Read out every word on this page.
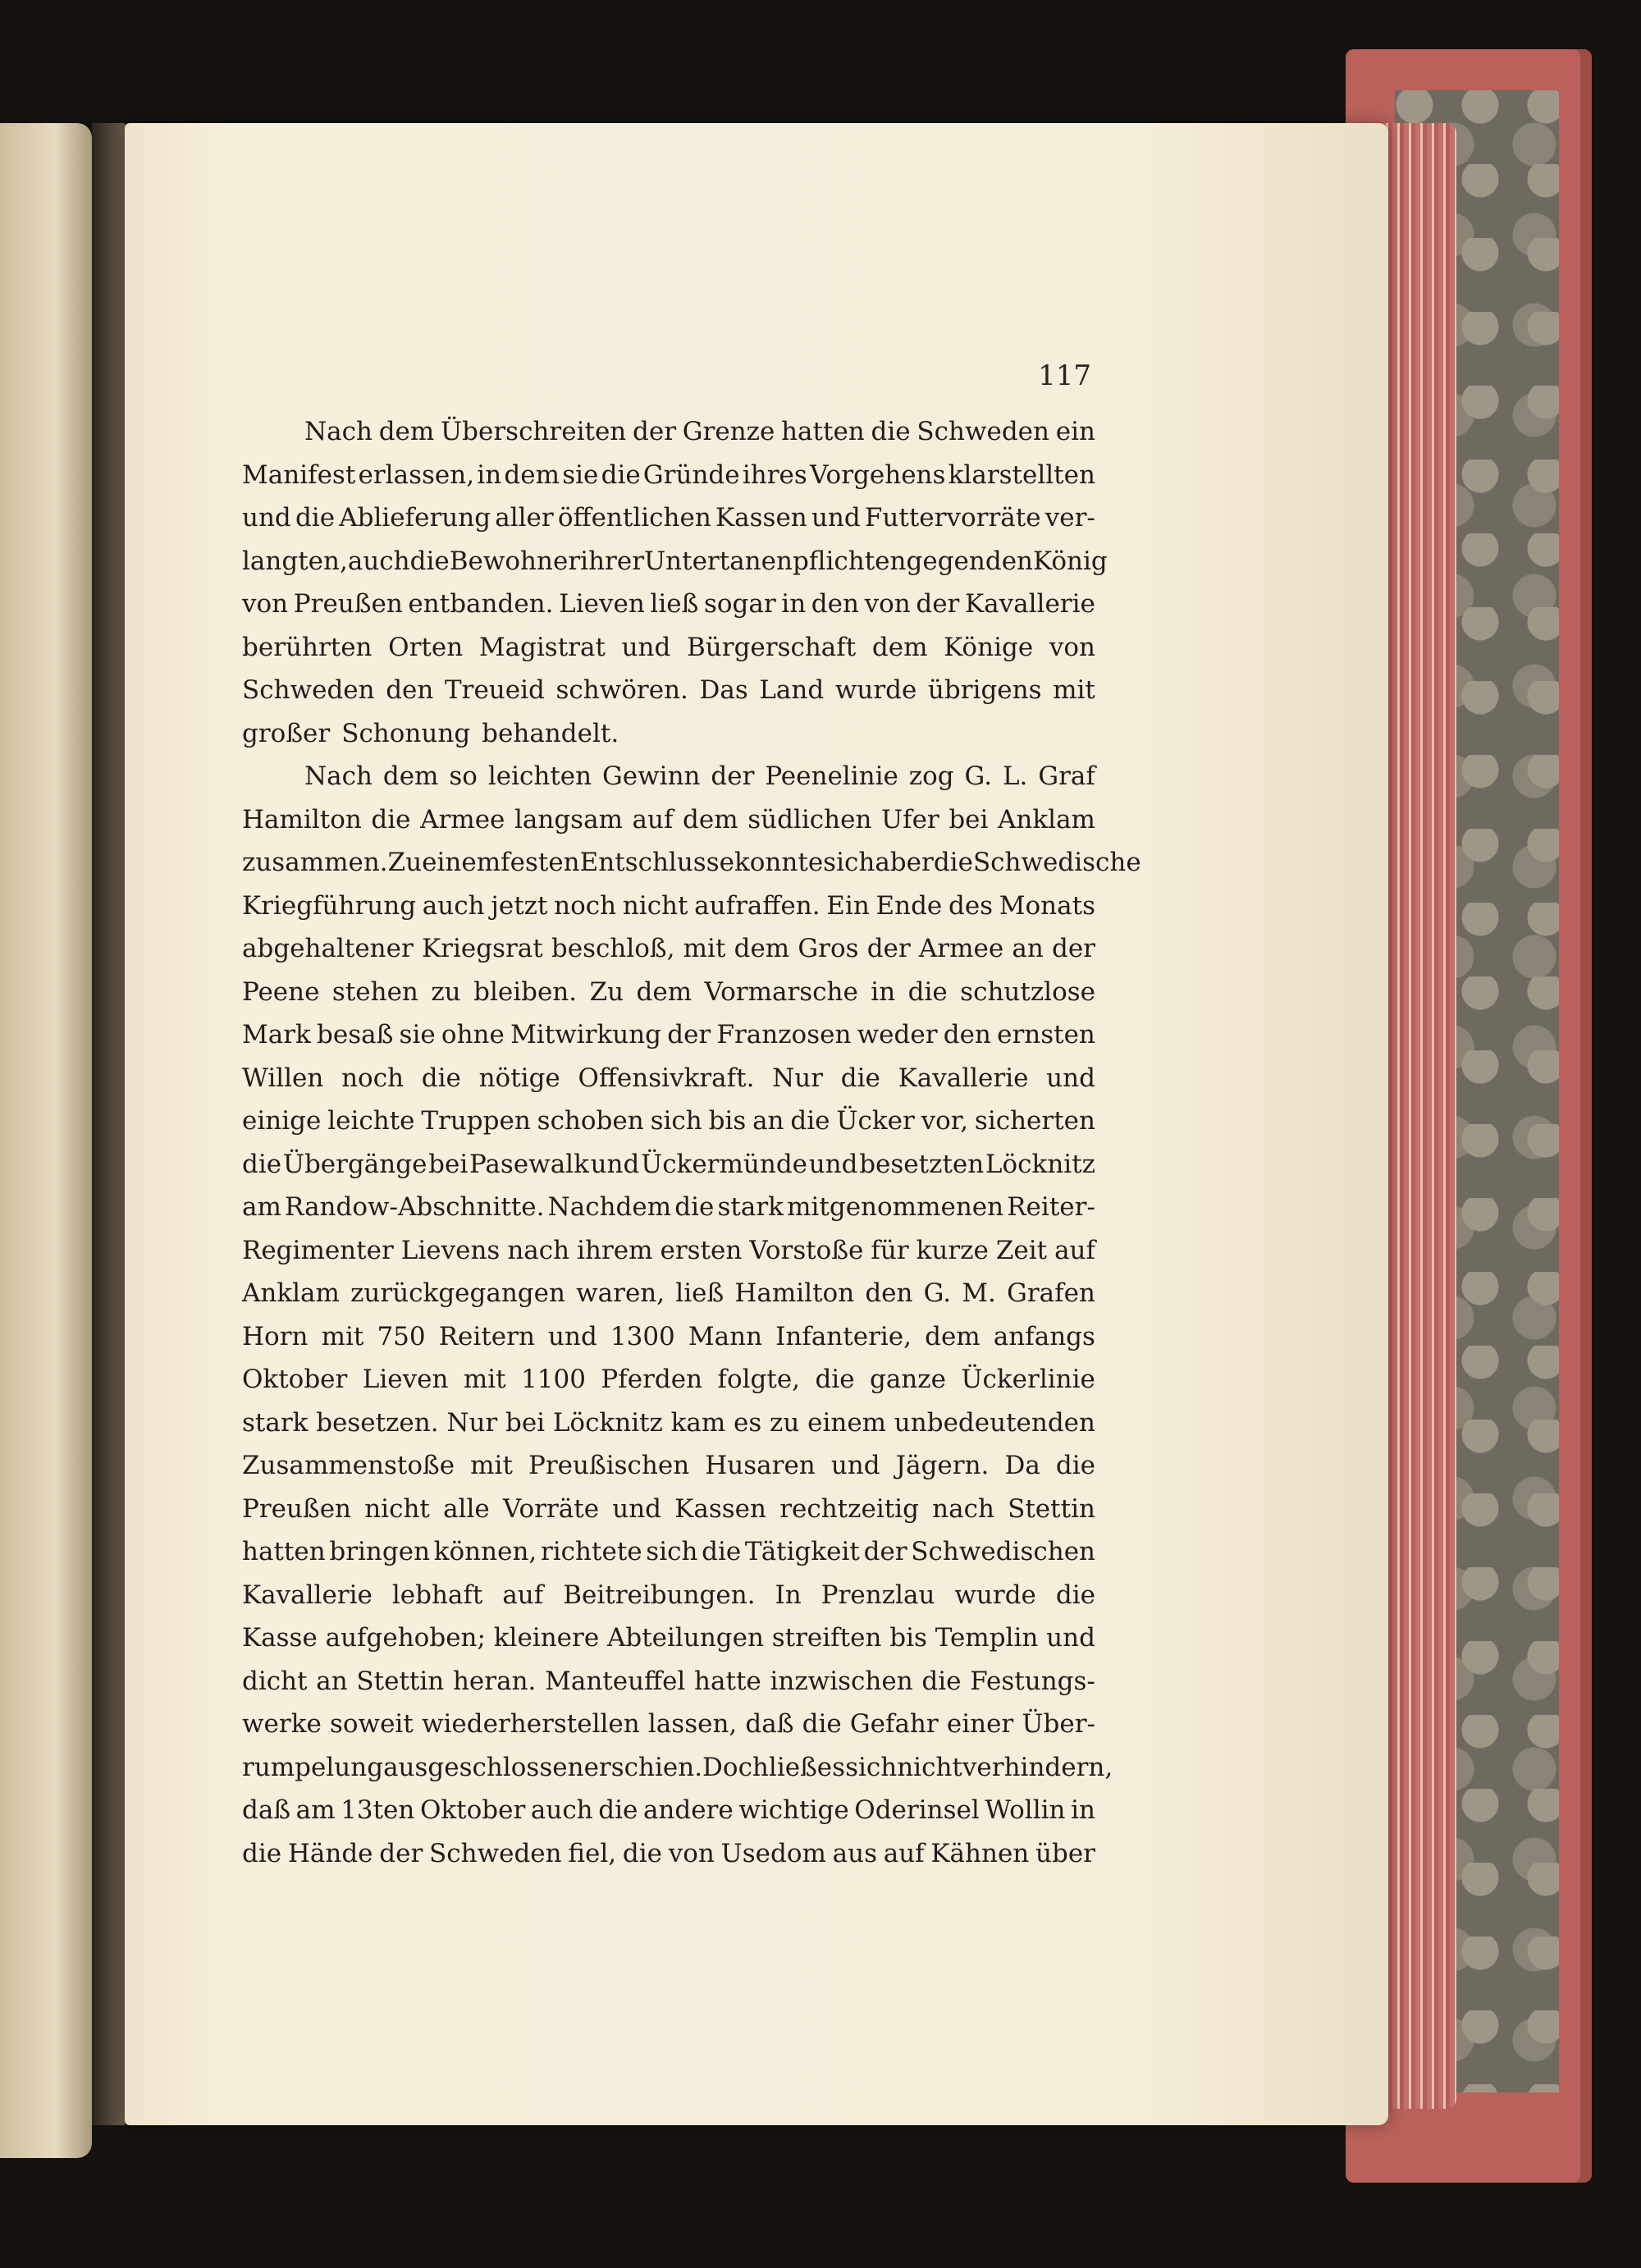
117
Nach dem Überschreiten der Grenze hatten die Schweden ein
Manifest erlassen, in dem sie die Gründe ihres Vorgehens klarstellten
und die Ablieferung aller öffentlichen Kassen und Futtervorräte ver-
langten, auch die Bewohner ihrer Untertanenpflichten gegen den König
von Preußen entbanden. Lieven ließ sogar in den von der Kavallerie
berührten Orten Magistrat und Bürgerschaft dem Könige von
Schweden den Treueid schwören. Das Land wurde übrigens mit
großer Schonung behandelt.
Nach dem so leichten Gewinn der Peenelinie zog G. L. Graf
Hamilton die Armee langsam auf dem südlichen Ufer bei Anklam
zusammen. Zu einem festen Entschlusse konnte sich aber die Schwedische
Kriegführung auch jetzt noch nicht aufraffen. Ein Ende des Monats
abgehaltener Kriegsrat beschloß, mit dem Gros der Armee an der
Peene stehen zu bleiben. Zu dem Vormarsche in die schutzlose
Mark besaß sie ohne Mitwirkung der Franzosen weder den ernsten
Willen noch die nötige Offensivkraft. Nur die Kavallerie und
einige leichte Truppen schoben sich bis an die Ücker vor, sicherten
die Übergänge bei Pasewalk und Ückermünde und besetzten Löcknitz
am Randow-Abschnitte. Nachdem die stark mitgenommenen Reiter-
Regimenter Lievens nach ihrem ersten Vorstoße für kurze Zeit auf
Anklam zurückgegangen waren, ließ Hamilton den G. M. Grafen
Horn mit 750 Reitern und 1300 Mann Infanterie, dem anfangs
Oktober Lieven mit 1100 Pferden folgte, die ganze Ückerlinie
stark besetzen. Nur bei Löcknitz kam es zu einem unbedeutenden
Zusammenstoße mit Preußischen Husaren und Jägern. Da die
Preußen nicht alle Vorräte und Kassen rechtzeitig nach Stettin
hatten bringen können, richtete sich die Tätigkeit der Schwedischen
Kavallerie lebhaft auf Beitreibungen. In Prenzlau wurde die
Kasse aufgehoben; kleinere Abteilungen streiften bis Templin und
dicht an Stettin heran. Manteuffel hatte inzwischen die Festungs-
werke soweit wiederherstellen lassen, daß die Gefahr einer Über-
rumpelung ausgeschlossen erschien. Doch ließ es sich nicht verhindern,
daß am 13ten Oktober auch die andere wichtige Oderinsel Wollin in
die Hände der Schweden fiel, die von Usedom aus auf Kähnen über
